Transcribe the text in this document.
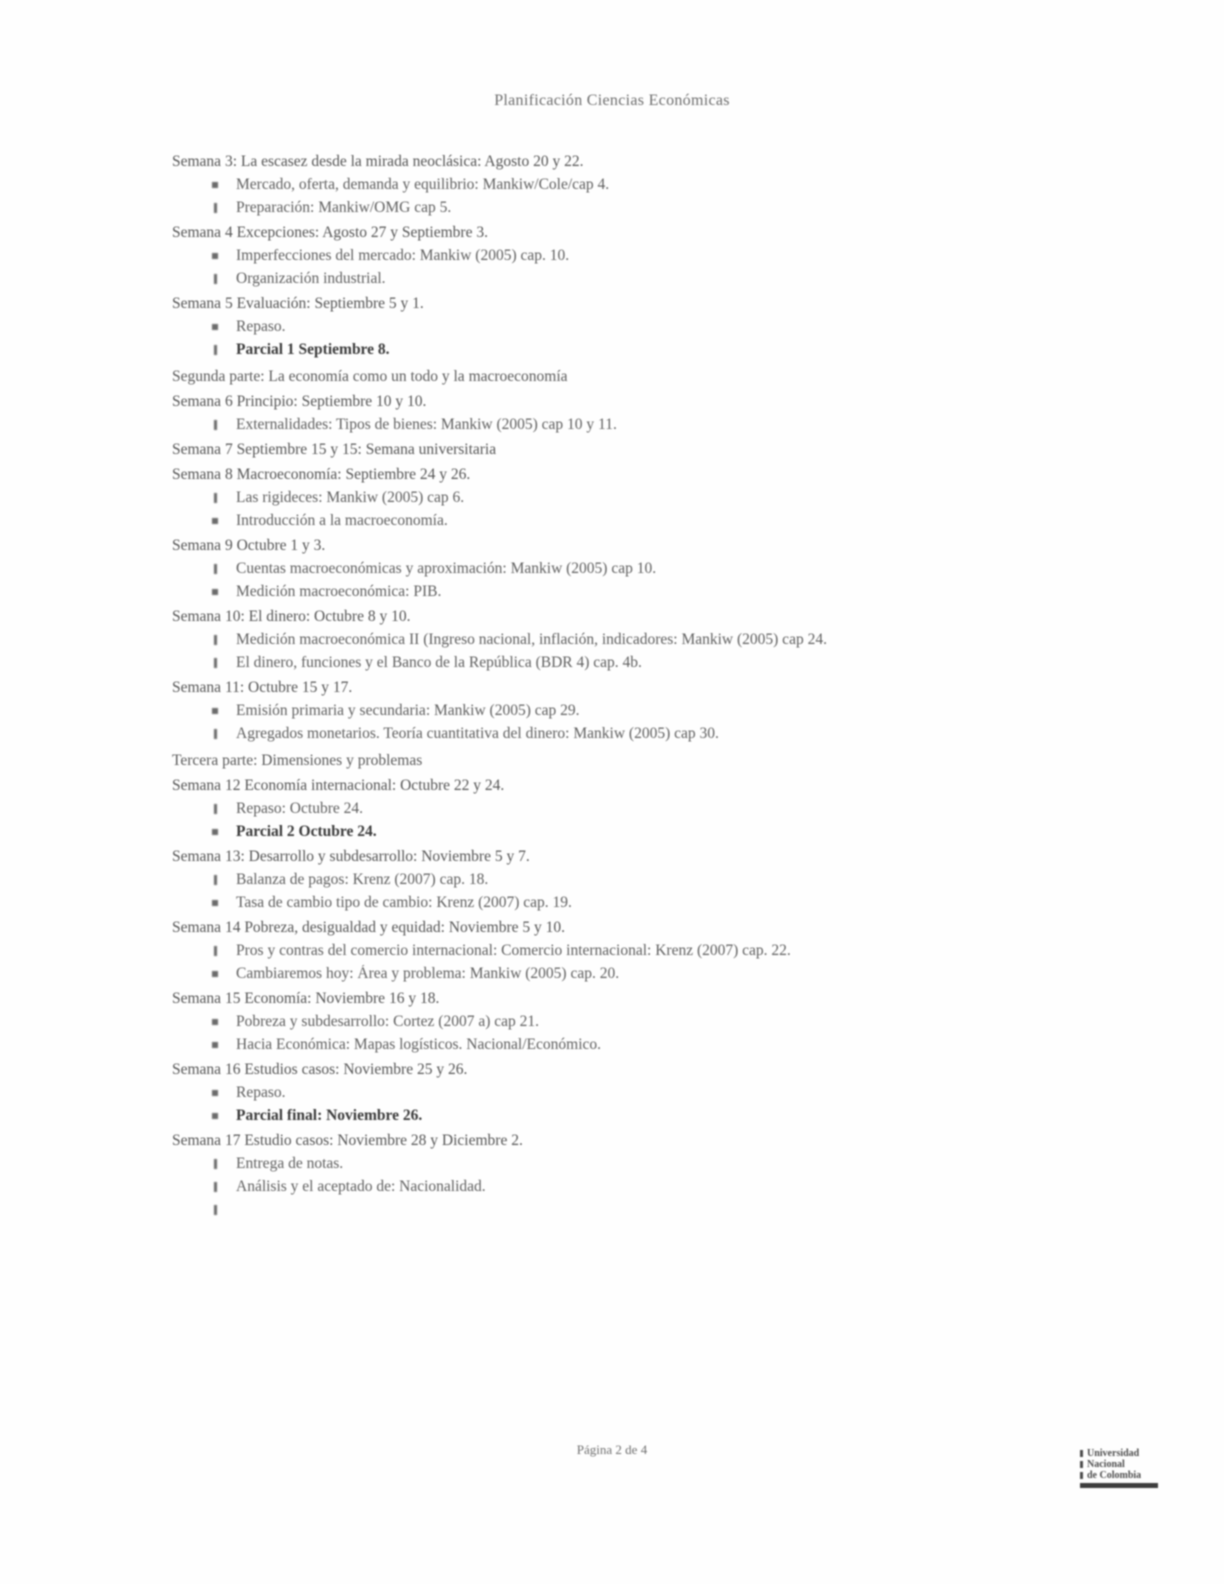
Planificación Ciencias Económicas
Semana 3: La escasez desde la mirada neoclásica: Agosto 20 y 22.
Mercado, oferta, demanda y equilibrio: Mankiw/Cole/cap 4.
Preparación: Mankiw/OMG cap 5.
Semana 4 Excepciones: Agosto 27 y Septiembre 3.
Imperfecciones del mercado: Mankiw (2005) cap. 10.
Organización industrial.
Semana 5 Evaluación: Septiembre 5 y 1.
Repaso.
Parcial 1 Septiembre 8.
Segunda parte: La economía como un todo y la macroeconomía
Semana 6 Principio: Septiembre 10 y 10.
Externalidades: Tipos de bienes: Mankiw (2005) cap 10 y 11.
Semana 7 Septiembre 15 y 15: Semana universitaria
Semana 8 Macroeconomía: Septiembre 24 y 26.
Las rigideces: Mankiw (2005) cap 6.
Introducción a la macroeconomía.
Semana 9 Octubre 1 y 3.
Cuentas macroeconómicas y aproximación: Mankiw (2005) cap 10.
Medición macroeconómica: PIB.
Semana 10: El dinero: Octubre 8 y 10.
Medición macroeconómica II (Ingreso nacional, inflación, indicadores: Mankiw (2005) cap 24.
El dinero, funciones y el Banco de la República (BDR 4) cap. 4b.
Semana 11: Octubre 15 y 17.
Emisión primaria y secundaria: Mankiw (2005) cap 29.
Agregados monetarios. Teoría cuantitativa del dinero: Mankiw (2005) cap 30.
Tercera parte: Dimensiones y problemas
Semana 12 Economía internacional: Octubre 22 y 24.
Repaso: Octubre 24.
Parcial 2 Octubre 24.
Semana 13: Desarrollo y subdesarrollo: Noviembre 5 y 7.
Balanza de pagos: Krenz (2007) cap. 18.
Tasa de cambio tipo de cambio: Krenz (2007) cap. 19.
Semana 14 Pobreza, desigualdad y equidad: Noviembre 5 y 10.
Pros y contras del comercio internacional: Comercio internacional: Krenz (2007) cap. 22.
Cambiaremos hoy: Área y problema: Mankiw (2005) cap. 20.
Semana 15 Economía: Noviembre 16 y 18.
Pobreza y subdesarrollo: Cortez (2007 a) cap 21.
Hacia Económica: Mapas logísticos. Nacional/Económico.
Semana 16 Estudios casos: Noviembre 25 y 26.
Repaso.
Parcial final: Noviembre 26.
Semana 17 Estudio casos: Noviembre 28 y Diciembre 2.
Entrega de notas.
Análisis y el aceptado de: Nacionalidad.
Página 2 de 4	Universidad
Nacional
de Colombia
